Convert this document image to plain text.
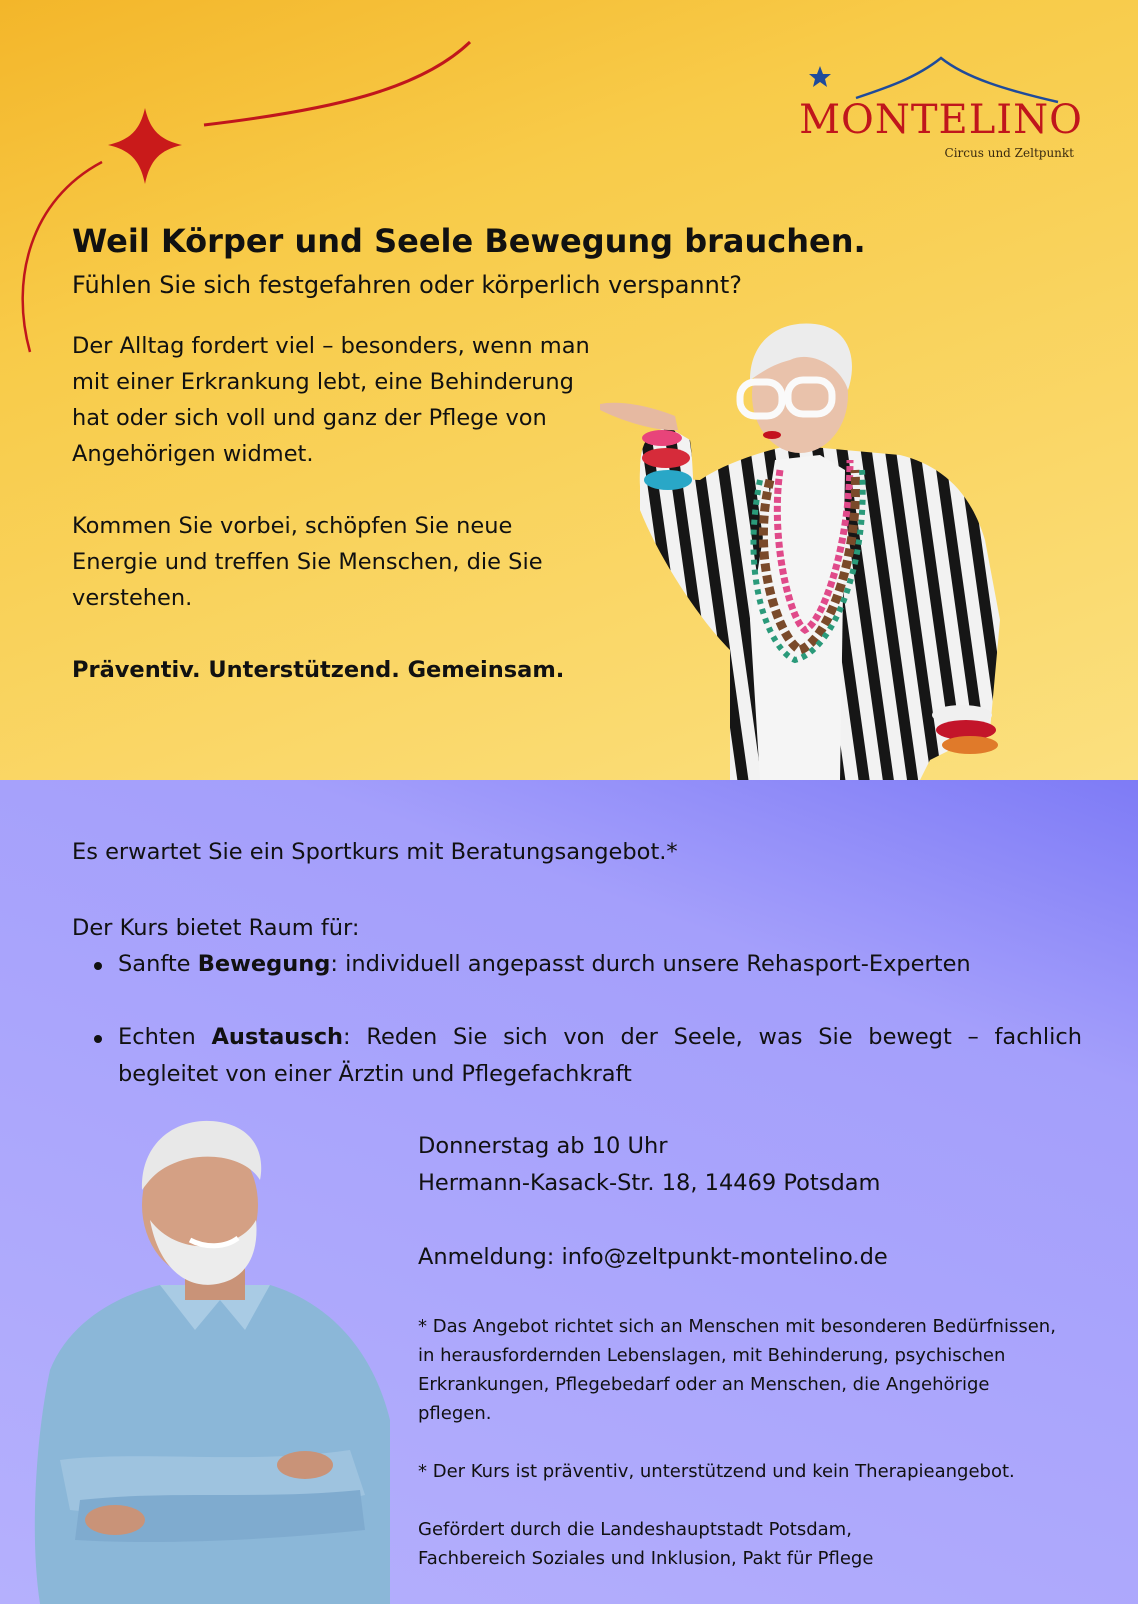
MONTELINO
Circus und Zeltpunkt
Weil Körper und Seele Bewegung brauchen.
Fühlen Sie sich festgefahren oder körperlich verspannt?

Der Alltag fordert viel – besonders, wenn man mit einer Erkrankung lebt, eine Behinderung hat oder sich voll und ganz der Pflege von Angehörigen widmet.

Kommen Sie vorbei, schöpfen Sie neue Energie und treffen Sie Menschen, die Sie verstehen.

Präventiv. Unterstützend. Gemeinsam.

Es erwartet Sie ein Sportkurs mit Beratungsangebot.*
Der Kurs bietet Raum für:
Sanfte Bewegung: individuell angepasst durch unsere Rehasport-Experten
Echten Austausch: Reden Sie sich von der Seele, was Sie bewegt – fachlich begleitet von einer Ärztin und Pflegefachkraft

Donnerstag ab 10 Uhr

Hermann-Kasack-Str. 18, 14469 Potsdam

Anmeldung: info@zeltpunkt-montelino.de

* Das Angebot richtet sich an Menschen mit besonderen Bedürfnissen, in herausfordernden Lebenslagen, mit Behinderung, psychischen Erkrankungen, Pflegebedarf oder an Menschen, die Angehörige pflegen.

* Der Kurs ist präventiv, unterstützend und kein Therapieangebot.

Gefördert durch die Landeshauptstadt Potsdam,

Fachbereich Soziales und Inklusion, Pakt für Pflege
